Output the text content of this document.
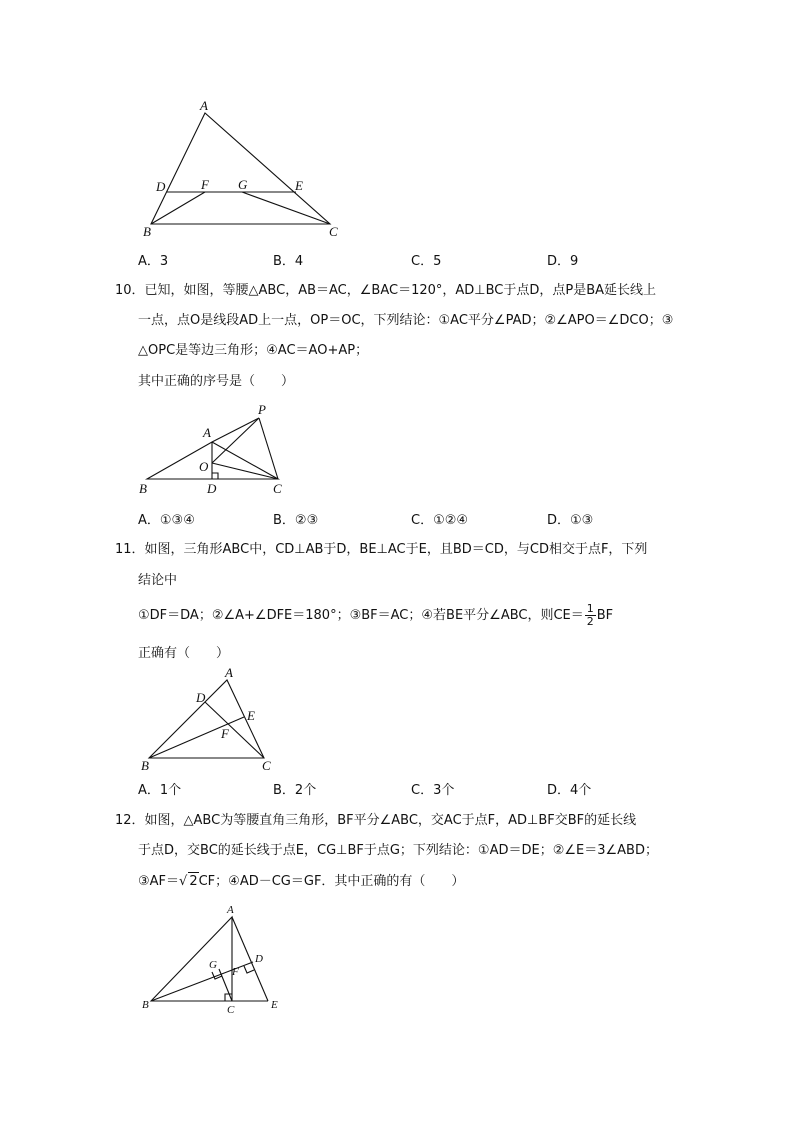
A
D	F G	E
B	C
A．3	B．4	C．5	D．9
10．已知，如图，等腰△ABC，AB＝AC，∠BAC＝120°，AD⊥BC于点D，点P是BA延长线上
一点，点O是线段AD上一点，OP＝OC，下列结论：①AC平分∠PAD；②∠APO＝∠DCO；③
△OPC是等边三角形；④AC＝AO+AP；
其中正确的序号是（　　）
P
A
O
B	D	C
A．①③④	B．②③	C．①②④	D．①③
11．如图，三角形ABC中，CD⊥AB于D，BE⊥AC于E，且BD＝CD，与CD相交于点F，下列
结论中
①DF＝DA；②∠A+∠DFE＝180°；③BF＝AC；④若BE平分∠ABC，则$CE= \frac{1}{2}$ BF
正确有（　　）
A
D
E
F
B	C
A．1个	B．2个	C．3个	D．4个
12．如图，△ABC为等腰直角三角形，BF平分∠ABC，交AC于点F，AD⊥BF交BF的延长线
于点D，交BC的延长线于点E，CG⊥BF于点G；下列结论：①AD＝DE；②∠E＝3∠ABD；
③AF＝√ 2CF；④AD－CG＝GF．其中正确的有（　　）
A
G
F
D
B	C	E
